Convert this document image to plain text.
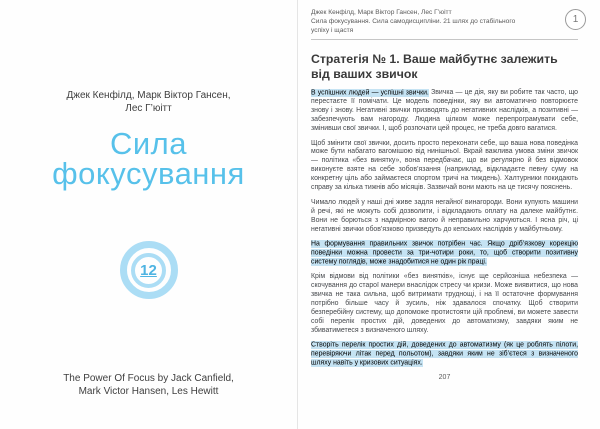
Джек Кенфілд, Марк Віктор Гансен,
Лес Г’юітт
Сила
фокусування
12
The Power Of Focus by Jack Canfield,
Mark Victor Hansen, Les Hewitt
Джек Кенфілд, Марк Віктор Гансен, Лес Г’юітт
Сила фокусування. Сила самодисципліни. 21 шлях до стабільного успіху і щастя
1
Стратегія № 1. Ваше майбутнє залежить
від ваших звичок

В успішних людей — успішні звички. Звичка — це дія, яку ви робите так часто, що перестаєте її помічати. Це модель поведінки, яку ви автоматично повторюєте знову і знову. Негативні звички призводять до негативних наслідків, а позитивні — забезпечують вам нагороду. Людина цілком може перепрограмувати себе, змінивши свої звички. І, щоб розпочати цей процес, не треба довго вагатися.

Щоб змінити свої звички, досить просто переконати себе, що ваша нова поведінка може бути набагато вагомішою від нинішньої. Вкрай важлива умова зміни звичок — політика «без винятку», вона передбачає, що ви регулярно й без відмовок виконуєте взяте на себе зобов’язання (наприклад, відкладаєте певну суму на конкретну ціль або займаєтеся спортом тричі на тиждень). Халтурники покидають справу за кілька тижнів або місяців. Зазвичай вони мають на це тисячу пояснень.

Чимало людей у наші дні живе задля негайної винагороди. Вони купують машини й речі, які не можуть собі дозволити, і відкладають оплату на далеке майбутнє. Вони не борються з надмірною вагою й неправильно харчуються. І ясна річ, ці негативні звички обов’язково призведуть до кепських наслідків у майбутньому.

На формування правильних звичок потрібен час. Якщо дріб’язкову корекцію поведінки можна провести за три-чотири роки, то, щоб створити позитивну систему поглядів, може знадобитися не один рік праці.

Крім відмови від політики «без винятків», існує ще серйозніша небезпека — скочування до старої манери внаслідок стресу чи кризи. Може виявитися, що нова звичка не така сильна, щоб витримати труднощі, і на її остаточне формування потрібно більше часу й зусиль, ніж здавалося спочатку. Щоб створити безперебійну систему, що допоможе протистояти цій проблемі, ви можете завести собі перелік простих дій, доведених до автоматизму, завдяки яким не збиватиметеся з визначеного шляху.

Створіть перелік простих дій, доведених до автоматизму (як це роблять пілоти, перевіряючи літак перед польотом), завдяки яким не зіб’єтеся з визначеного шляху навіть у кризових ситуаціях.

207
